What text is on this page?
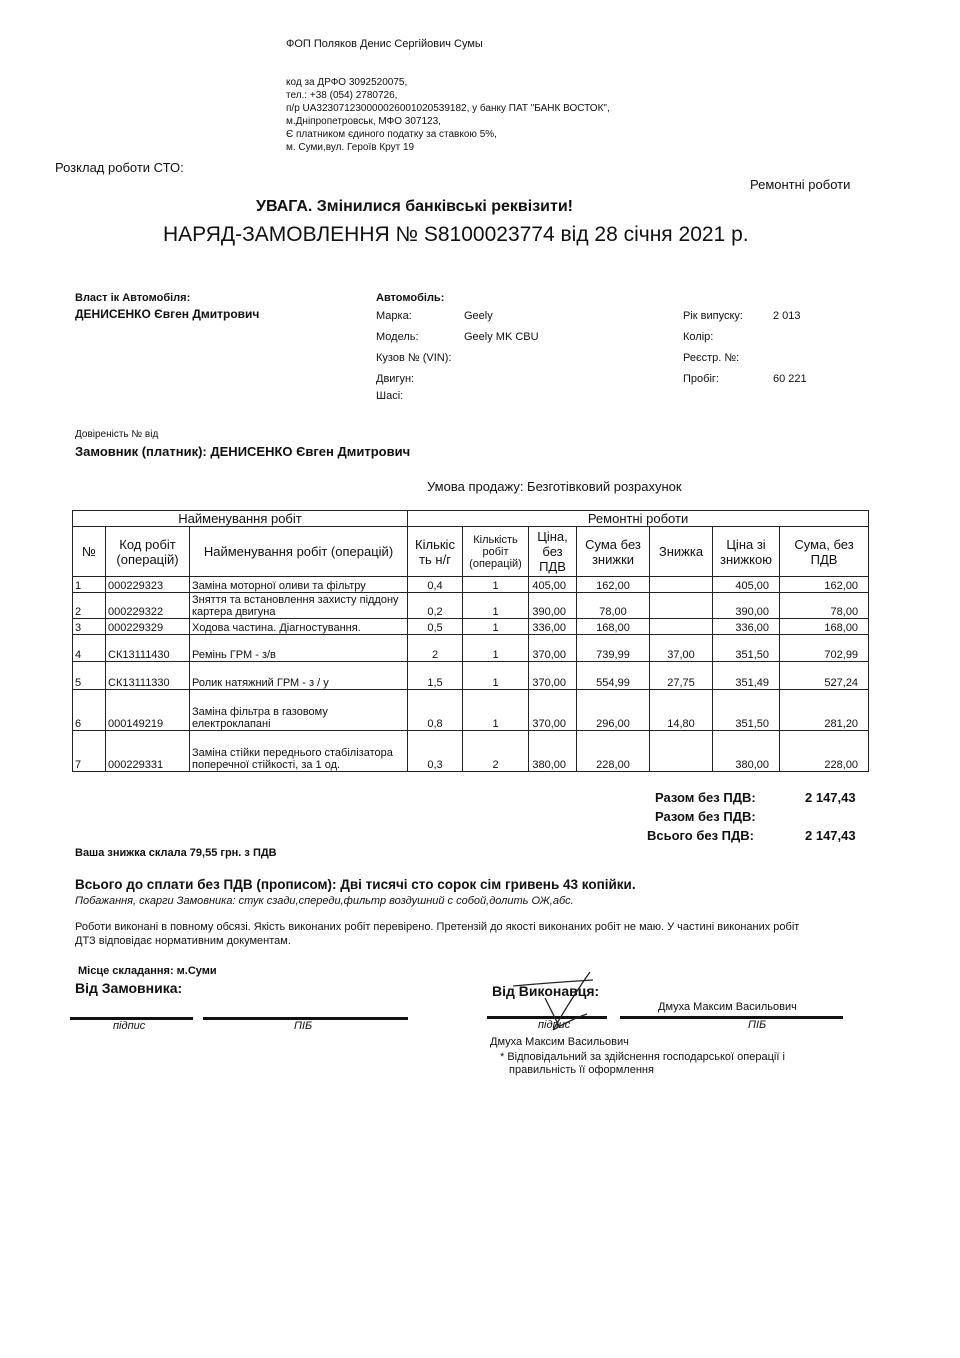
ФОП Поляков Денис Сергійович Сумы
код за ДРФО 3092520075,
тел.: +38 (054) 2780726,
п/р UA323071230000026001020539182, у банку ПАТ "БАНК ВОСТОК",
м.Дніпропетровськ, МФО 307123,
Є платником єдиного податку за ставкою 5%,
м. Суми,вул. Героїв Крут 19
Розклад роботи СТО:
Ремонтні роботи
УВАГА. Змінилися банківські реквізити!
НАРЯД-ЗАМОВЛЕННЯ № S8100023774 від 28 січня 2021 р.
Власт ік Автомобіля:
ДЕНИСЕНКО Євген Дмитрович
Автомобіль:
Марка:	Geely
Модель:	Geely MK CBU
Кузов № (VIN):
Двигун:
Шасі:
Рік випуску:	2 013
Колір:
Реєстр. №:
Пробіг:	60 221
Довіреність № від
Замовник (платник): ДЕНИСЕНКО Євген Дмитрович
Умова продажу: Безготівковий розрахунок
Найменування робіт			Ремонтні роботи						
№	Код робіт (операцій)	Найменування робіт (операцій)	Кількіс ть н/г	Кількість робіт (операцій)	Ціна, без ПДВ	Сума без знижки	Знижка	Ціна зі знижкою	Сума, без ПДВ
1	000229323	Заміна моторної оливи та фільтру	0,4	1	405,00	162,00		405,00	162,00
2	000229322	Зняття та встановлення захисту піддону картера двигуна	0,2	1	390,00	78,00		390,00	78,00
3	000229329	Ходова частина. Діагностування.	0,5	1	336,00	168,00		336,00	168,00
4	СК13111430	Ремінь ГРМ - з/в	2	1	370,00	739,99	37,00	351,50	702,99
5	СК13111330	Ролик натяжний ГРМ - з / у	1,5	1	370,00	554,99	27,75	351,49	527,24
6	000149219	Заміна фільтра в газовому електроклапані	0,8	1	370,00	296,00	14,80	351,50	281,20
7	000229331	Заміна стійки переднього стабілізатора поперечної стійкості, за 1 од.	0,3	2	380,00	228,00		380,00	228,00
Разом без ПДВ:	2 147,43
Разом без ПДВ:
Всього без ПДВ:	2 147,43
Ваша знижка склала 79,55 грн. з ПДВ
Всього до сплати без ПДВ (прописом): Дві тисячі сто сорок сім гривень 43 копійки.
Побажання, скарги Замовника: стук сзади,спереди,фильтр воздушний с собой,долить ОЖ,абс.
Роботи виконані в повному обсязі. Якість виконаних робіт перевірено. Претензій до якості виконаних робіт не маю. У частині виконаних робіт
ДТЗ відповідає нормативним документам.
Місце складання: м.Суми
Від Замовника:
підпис	ПІБ
Від Виконавця:
Дмуха Максим Васильович
підпис	ПІБ
Дмуха Максим Васильович
* Відповідальний за здійснення господарської операції і
правильність її оформлення
